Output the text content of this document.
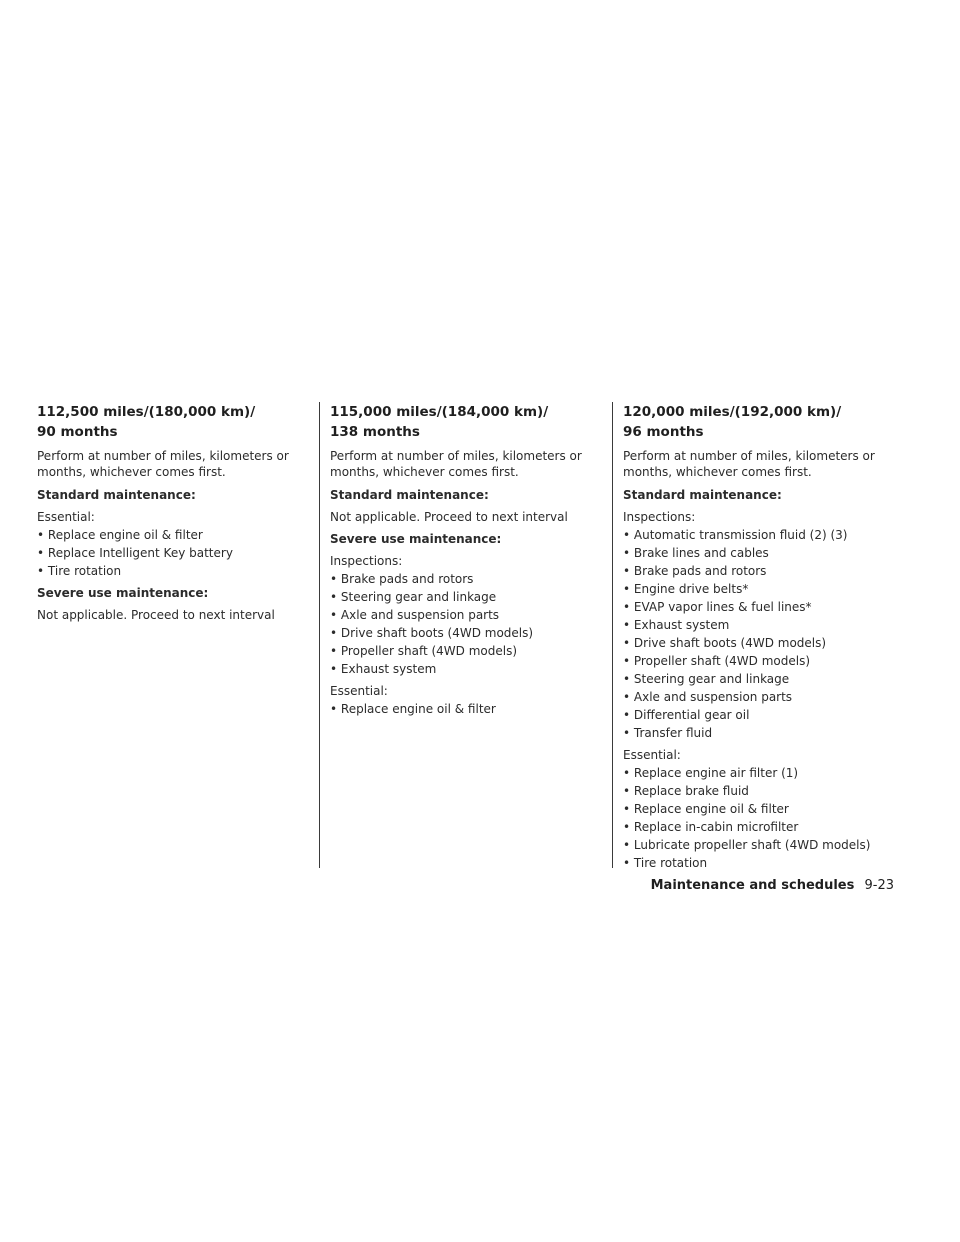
112,500 miles/(180,000 km)/
90 months

Perform at number of miles, kilometers or months, whichever comes first.

Standard maintenance:

Essential:

• Replace engine oil & filter
• Replace Intelligent Key battery
• Tire rotation

Severe use maintenance:

Not applicable. Proceed to next interval

115,000 miles/(184,000 km)/
138 months

Perform at number of miles, kilometers or months, whichever comes first.

Standard maintenance:

Not applicable. Proceed to next interval

Severe use maintenance:

Inspections:

• Brake pads and rotors
• Steering gear and linkage
• Axle and suspension parts
• Drive shaft boots (4WD models)
• Propeller shaft (4WD models)
• Exhaust system

Essential:

• Replace engine oil & filter
120,000 miles/(192,000 km)/
96 months

Perform at number of miles, kilometers or months, whichever comes first.

Standard maintenance:

Inspections:

• Automatic transmission fluid (2) (3)
• Brake lines and cables
• Brake pads and rotors
• Engine drive belts*
• EVAP vapor lines & fuel lines*
• Exhaust system
• Drive shaft boots (4WD models)
• Propeller shaft (4WD models)
• Steering gear and linkage
• Axle and suspension parts
• Differential gear oil
• Transfer fluid

Essential:

• Replace engine air filter (1)
• Replace brake fluid
• Replace engine oil & filter
• Replace in-cabin microfilter
• Lubricate propeller shaft (4WD models)
• Tire rotation
Maintenance and schedules 9-23
